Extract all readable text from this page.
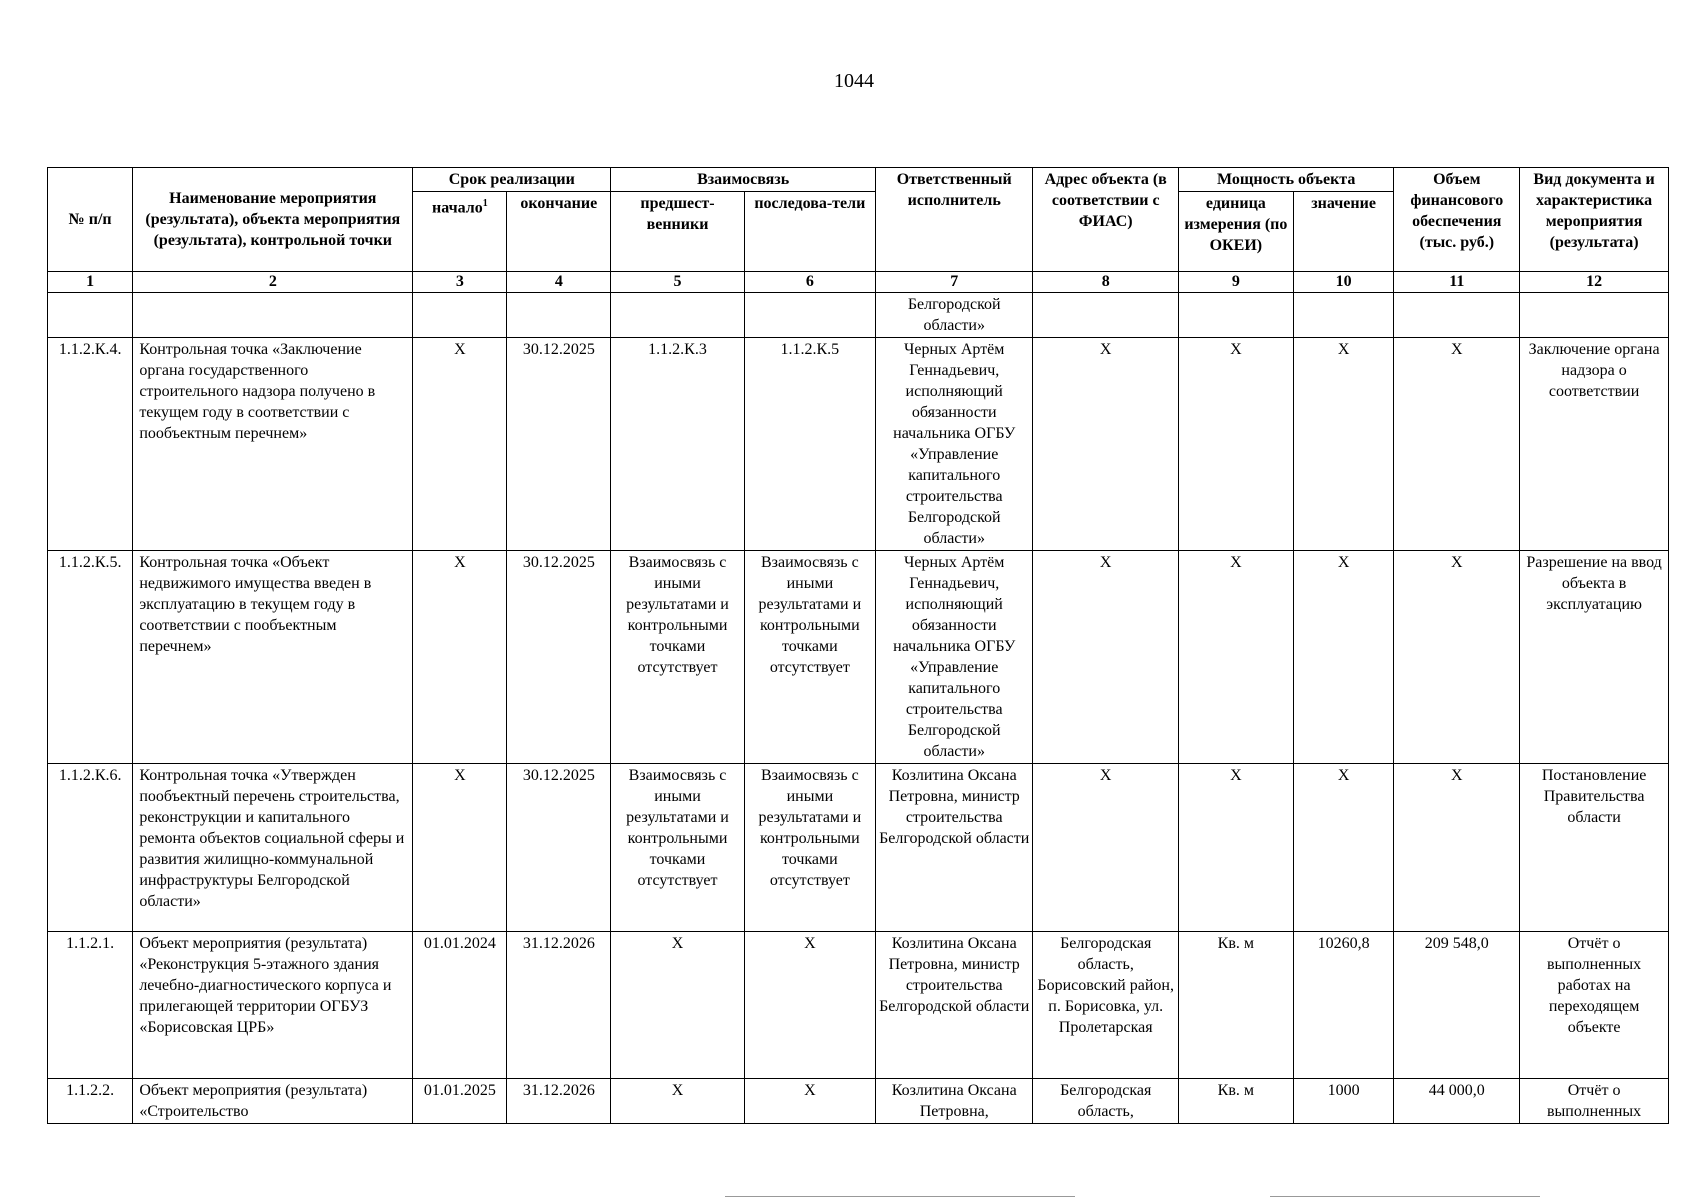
1044
№ п/п	Наименование мероприятия (результата), объекта мероприятия (результата), контрольной точки	Срок реализации		Взаимосвязь		Ответственный исполнитель	Адрес объекта (в соответствии с ФИАС)	Мощность объекта		Объем финансового обеспечения (тыс. руб.)	Вид документа и характеристика мероприятия (результата)
		начало$^1$	окончание	предшест-венники	последова-тели			единица измерения (по ОКЕИ)	значение		
1	2	3	4	5	6	7	8	9	10	11	12
						Белгородской области»					
1.1.2.К.4.	Контрольная точка «Заключение органа государственного строительного надзора получено в текущем году в соответствии с пообъектным перечнем»	Х	30.12.2025	1.1.2.К.3	1.1.2.К.5	Черных Артём Геннадьевич, исполняющий обязанности начальника ОГБУ «Управление капитального строительства Белгородской области»	Х	Х	Х	Х	Заключение органа надзора о соответствии
1.1.2.К.5.	Контрольная точка «Объект недвижимого имущества введен в эксплуатацию в текущем году в соответствии с пообъектным перечнем»	Х	30.12.2025	Взаимосвязь с иными результатами и контрольными точками отсутствует	Взаимосвязь с иными результатами и контрольными точками отсутствует	Черных Артём Геннадьевич, исполняющий обязанности начальника ОГБУ «Управление капитального строительства Белгородской области»	Х	Х	Х	Х	Разрешение на ввод объекта в эксплуатацию
1.1.2.К.6.	Контрольная точка «Утвержден пообъектный перечень строительства, реконструкции и капитального ремонта объектов социальной сферы и развития жилищно-коммунальной инфраструктуры Белгородской области»	Х	30.12.2025	Взаимосвязь с иными результатами и контрольными точками отсутствует	Взаимосвязь с иными результатами и контрольными точками отсутствует	Козлитина Оксана Петровна, министр строительства Белгородской области	Х	Х	Х	Х	Постановление Правительства области
1.1.2.1.	Объект мероприятия (результата) «Реконструкция 5-этажного здания лечебно-диагностического корпуса и прилегающей территории ОГБУЗ «Борисовская ЦРБ»	01.01.2024	31.12.2026	Х	Х	Козлитина Оксана Петровна, министр строительства Белгородской области	Белгородская область, Борисовский район, п. Борисовка, ул. Пролетарская	Кв. м	10260,8	209 548,0	Отчёт о выполненных работах на переходящем объекте
1.1.2.2.	Объект мероприятия (результата) «Строительство	01.01.2025	31.12.2026	Х	Х	Козлитина Оксана Петровна,	Белгородская область,	Кв. м	1000	44 000,0	Отчёт о выполненных
